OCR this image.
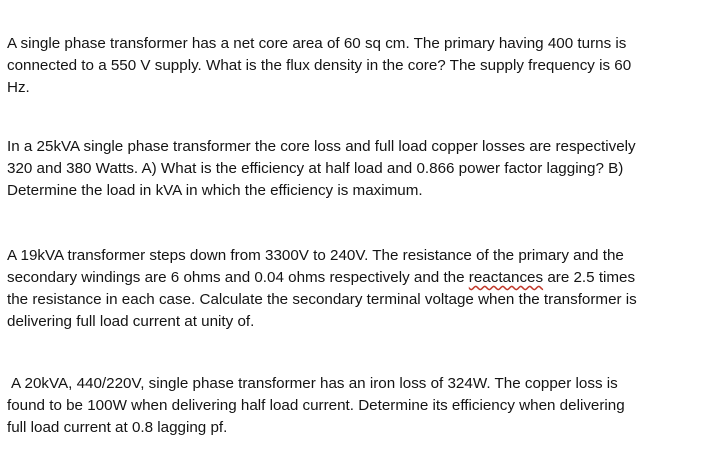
A single phase transformer has a net core area of 60 sq cm. The primary having 400 turns is
connected to a 550 V supply. What is the flux density in the core? The supply frequency is 60
Hz.
In a 25kVA single phase transformer the core loss and full load copper losses are respectively
320 and 380 Watts. A) What is the efficiency at half load and 0.866 power factor lagging? B)
Determine the load in kVA in which the efficiency is maximum.
A 19kVA transformer steps down from 3300V to 240V. The resistance of the primary and the
secondary windings are 6 ohms and 0.04 ohms respectively and the reactances are 2.5 times
the resistance in each case. Calculate the secondary terminal voltage when the transformer is
delivering full load current at unity of.
A 20kVA, 440/220V, single phase transformer has an iron loss of 324W. The copper loss is
found to be 100W when delivering half load current. Determine its efficiency when delivering
full load current at 0.8 lagging pf.
